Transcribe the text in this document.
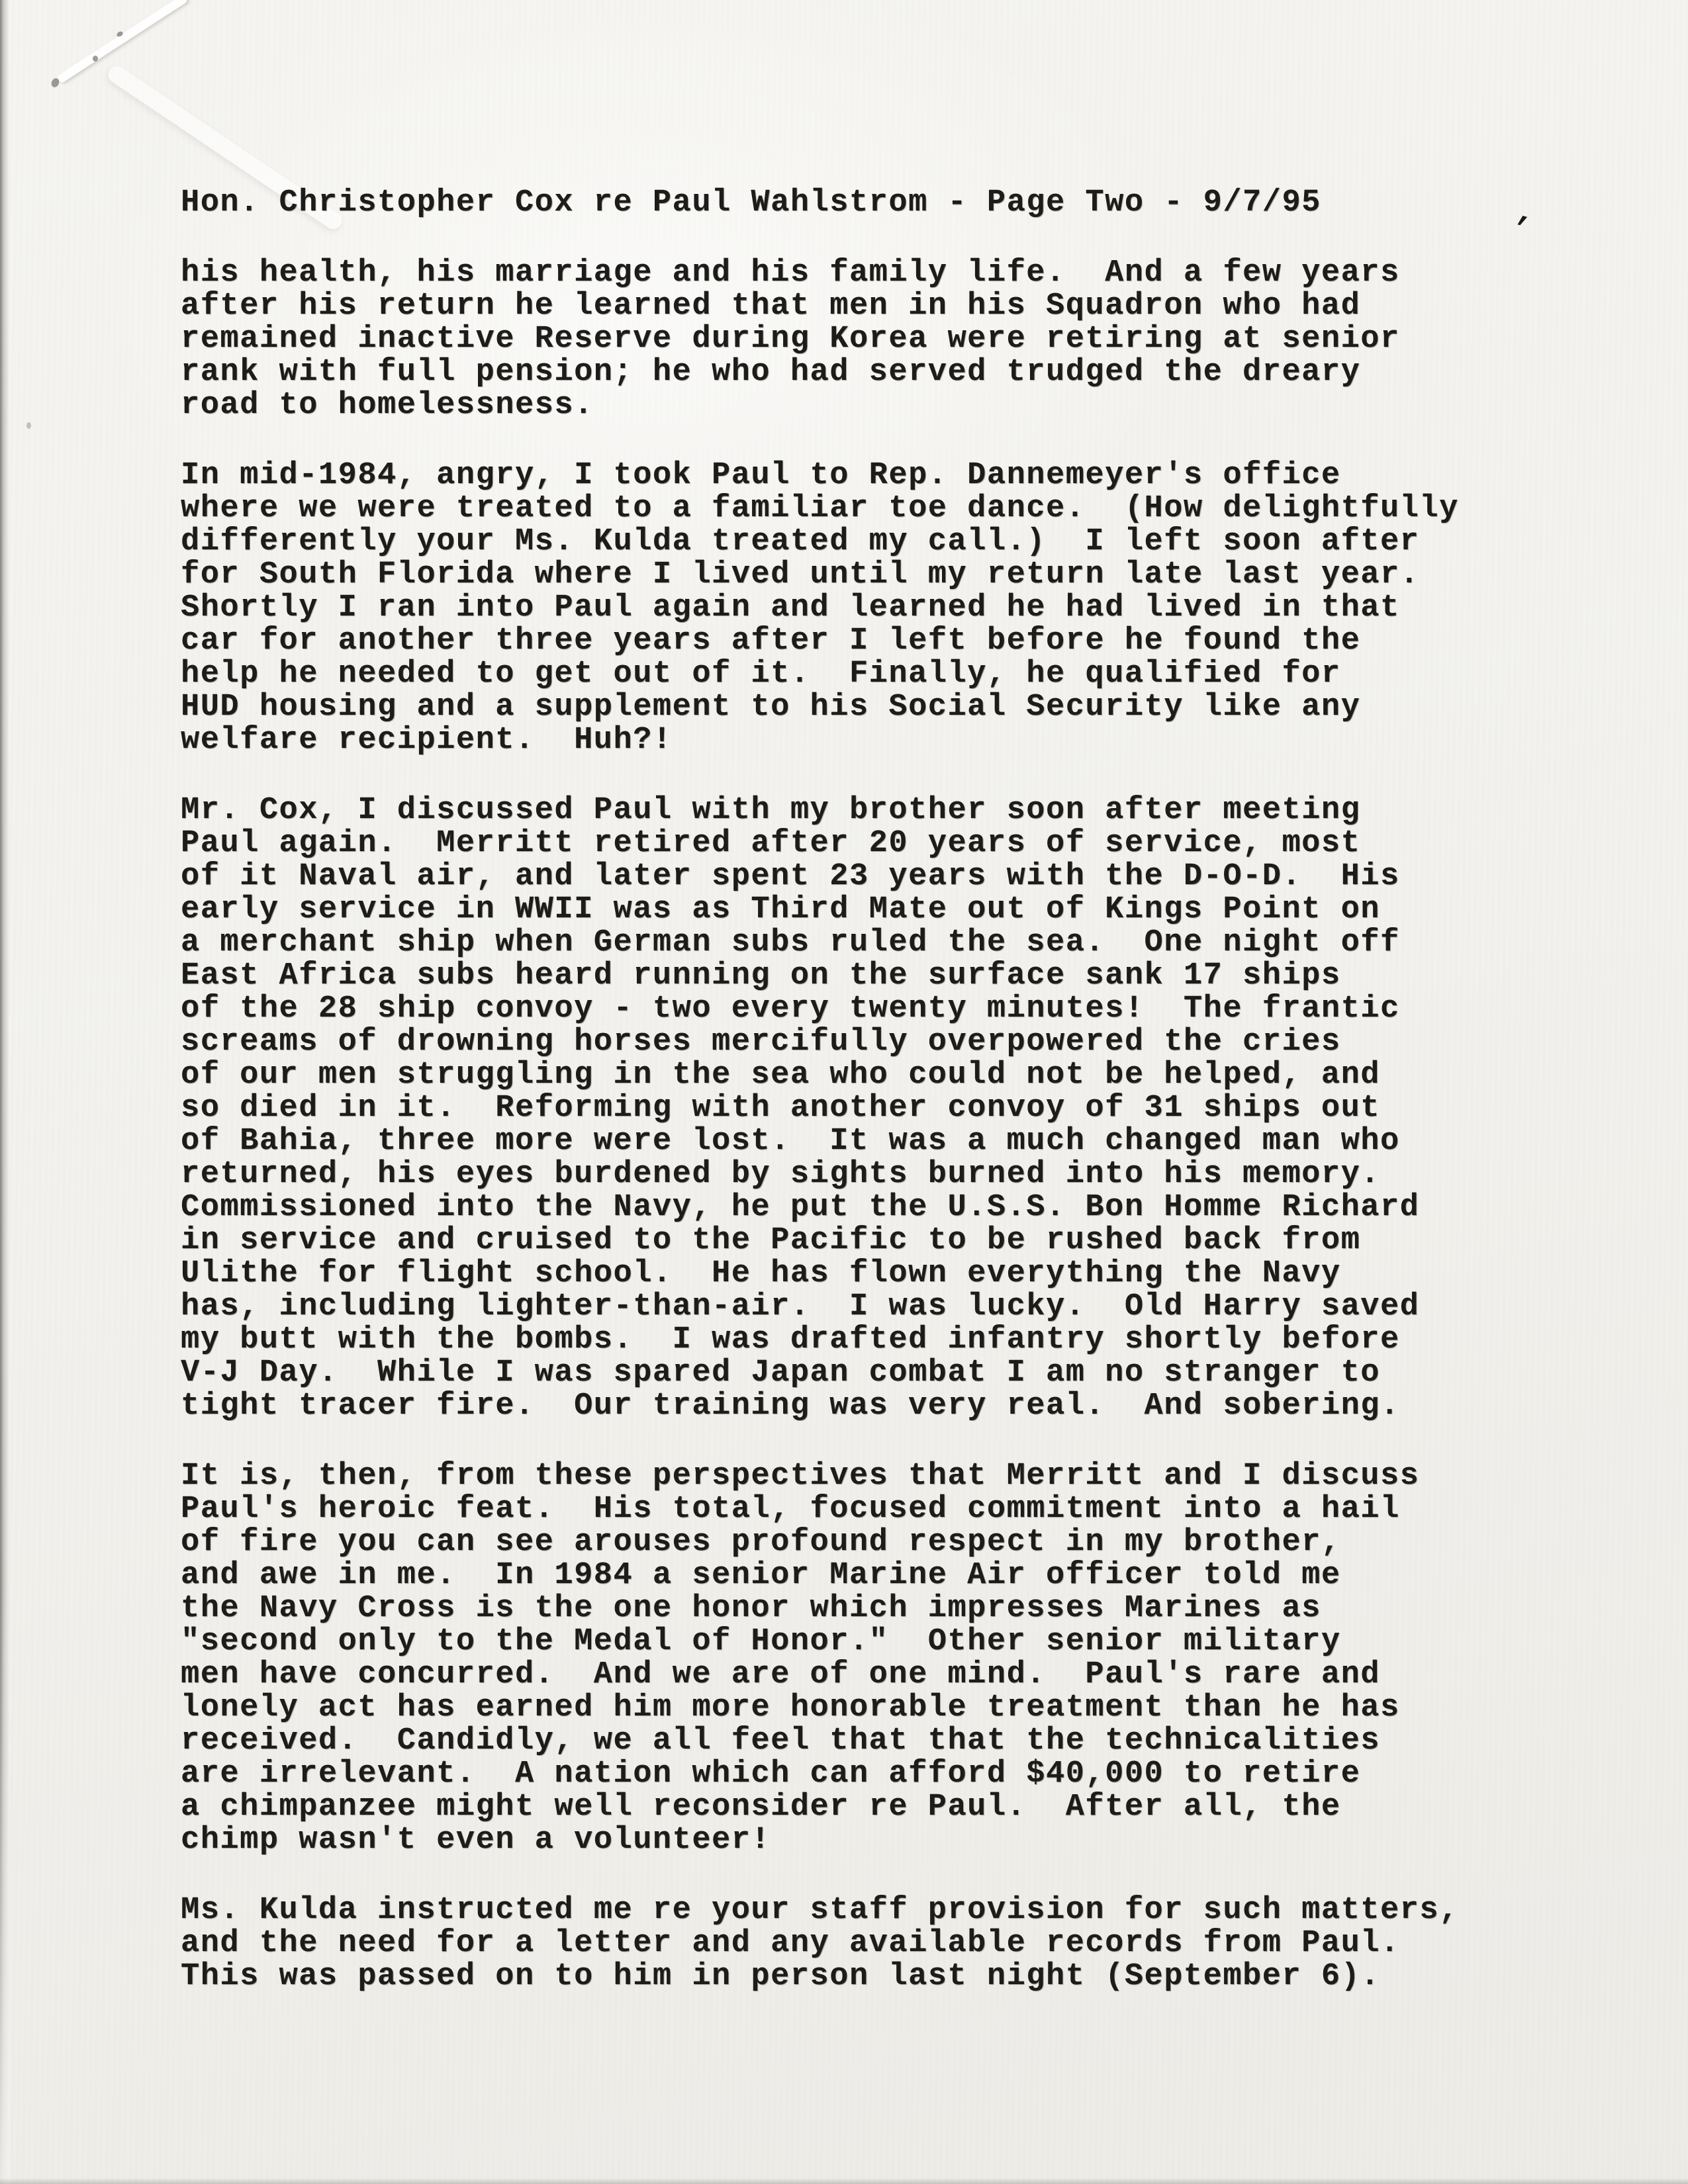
,
Hon. Christopher Cox re Paul Wahlstrom - Page Two - 9/7/95

his health, his marriage and his family life.  And a few years
after his return he learned that men in his Squadron who had
remained inactive Reserve during Korea were retiring at senior
rank with full pension; he who had served trudged the dreary
road to homelessness.

In mid-1984, angry, I took Paul to Rep. Dannemeyer's office
where we were treated to a familiar toe dance.  (How delightfully
differently your Ms. Kulda treated my call.)  I left soon after
for South Florida where I lived until my return late last year.
Shortly I ran into Paul again and learned he had lived in that
car for another three years after I left before he found the
help he needed to get out of it.  Finally, he qualified for
HUD housing and a supplement to his Social Security like any
welfare recipient.  Huh?!

Mr. Cox, I discussed Paul with my brother soon after meeting
Paul again.  Merritt retired after 20 years of service, most
of it Naval air, and later spent 23 years with the D-O-D.  His
early service in WWII was as Third Mate out of Kings Point on
a merchant ship when German subs ruled the sea.  One night off
East Africa subs heard running on the surface sank 17 ships
of the 28 ship convoy - two every twenty minutes!  The frantic
screams of drowning horses mercifully overpowered the cries
of our men struggling in the sea who could not be helped, and
so died in it.  Reforming with another convoy of 31 ships out
of Bahia, three more were lost.  It was a much changed man who
returned, his eyes burdened by sights burned into his memory.
Commissioned into the Navy, he put the U.S.S. Bon Homme Richard
in service and cruised to the Pacific to be rushed back from
Ulithe for flight school.  He has flown everything the Navy
has, including lighter-than-air.  I was lucky.  Old Harry saved
my butt with the bombs.  I was drafted infantry shortly before
V-J Day.  While I was spared Japan combat I am no stranger to
tight tracer fire.  Our training was very real.  And sobering.

It is, then, from these perspectives that Merritt and I discuss
Paul's heroic feat.  His total, focused commitment into a hail
of fire you can see arouses profound respect in my brother,
and awe in me.  In 1984 a senior Marine Air officer told me
the Navy Cross is the one honor which impresses Marines as
"second only to the Medal of Honor."  Other senior military
men have concurred.  And we are of one mind.  Paul's rare and
lonely act has earned him more honorable treatment than he has
received.  Candidly, we all feel that that the technicalities
are irrelevant.  A nation which can afford $40,000 to retire
a chimpanzee might well reconsider re Paul.  After all, the
chimp wasn't even a volunteer!

Ms. Kulda instructed me re your staff provision for such matters,
and the need for a letter and any available records from Paul.
This was passed on to him in person last night (September 6).
